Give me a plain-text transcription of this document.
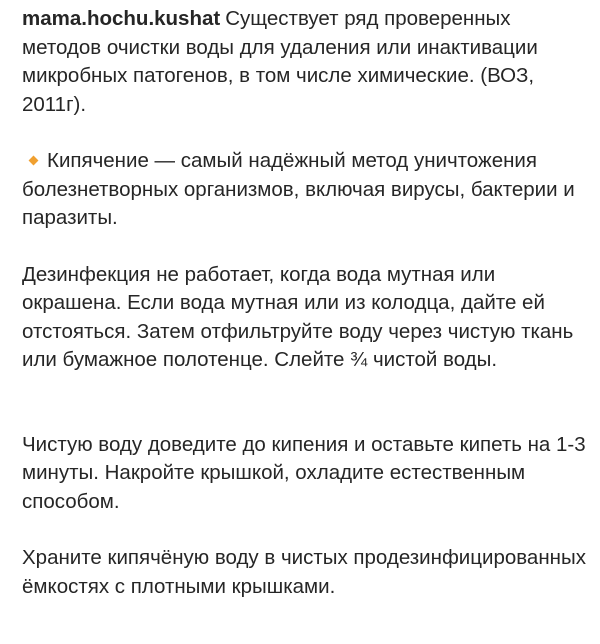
mama.hochu.kushat Существует ряд проверенных методов очистки воды для удаления или инактивации микробных патогенов, в том числе химические. (ВОЗ, 2011г).

Кипячение — самый надёжный метод уничтожения болезнетворных организмов, включая вирусы, бактерии и паразиты.

Дезинфекция не работает, когда вода мутная или окрашена. Если вода мутная или из колодца, дайте ей отстояться. Затем отфильтруйте воду через чистую ткань или бумажное полотенце. Слейте ¾ чистой воды.

Чистую воду доведите до кипения и оставьте кипеть на 1-3 минуты. Накройте крышкой, охладите естественным способом.

Храните кипячёную воду в чистых продезинфицированных ёмкостях с плотными крышками.
